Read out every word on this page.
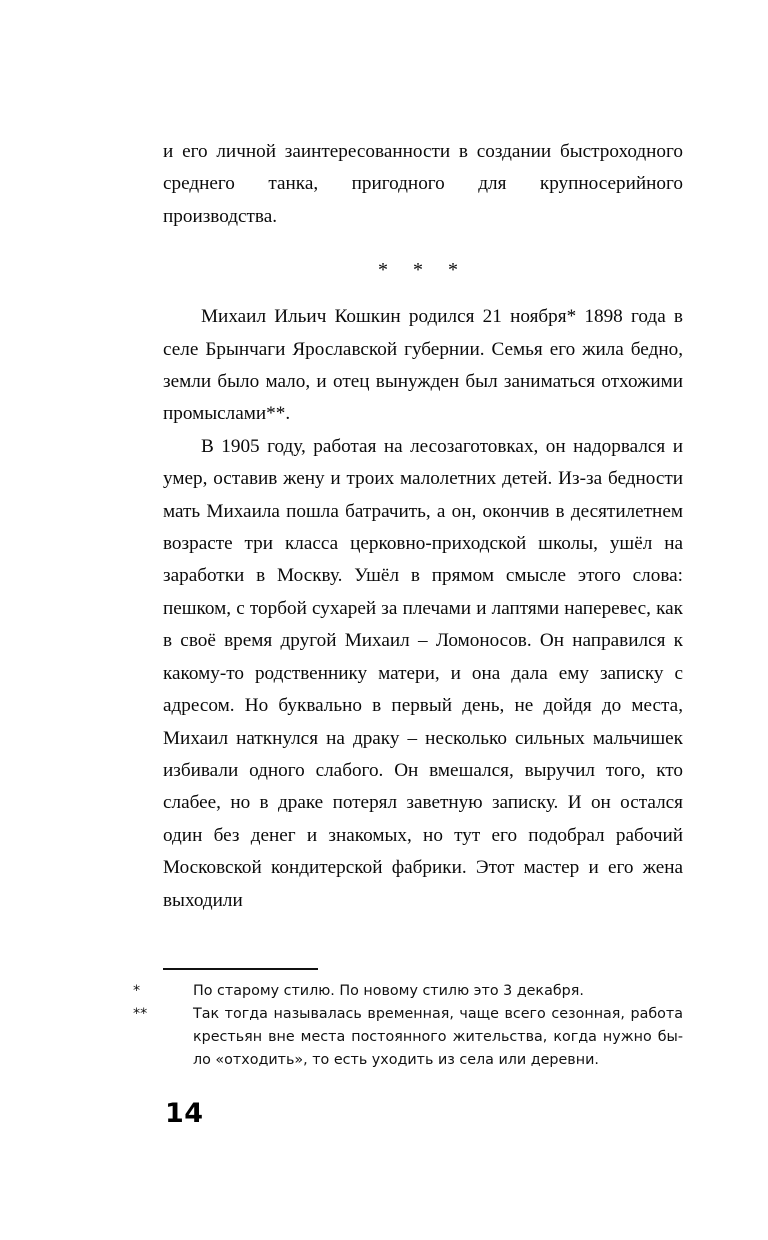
и его личной заинтересованности в создании быстроходного среднего танка, пригодного для крупносерийного производства.

* * *

Михаил Ильич Кошкин родился 21 ноября* 1898 года в селе Брынчаги Ярославской губернии. Семья его жила бедно, земли было мало, и отец вынужден был заниматься отхожими промыслами**.

В 1905 году, работая на лесозаготовках, он надорвался и умер, оставив жену и троих малолетних детей. Из-за бедности мать Михаила пошла батрачить, а он, окончив в десятилетнем возрасте три класса церковно-приходской школы, ушёл на заработки в Москву. Ушёл в прямом смысле этого слова: пешком, с торбой сухарей за плечами и лаптями наперевес, как в своё время другой Михаил – Ломоносов. Он направился к какому-то родственнику матери, и она дала ему записку с адресом. Но буквально в первый день, не дойдя до места, Михаил наткнулся на драку – несколько сильных мальчишек избивали одного слабого. Он вмешался, выручил того, кто слабее, но в драке потерял заветную записку. И он остался один без денег и знакомых, но тут его подобрал рабочий Московской кондитерской фабрики. Этот мастер и его жена выходили

*	По старому стилю. По новому стилю это 3 декабря.
**	Так тогда называлась временная, чаще всего сезонная, работа крестьян вне места постоянного жительства, когда нужно было «отходить», то есть уходить из села или деревни.
14
